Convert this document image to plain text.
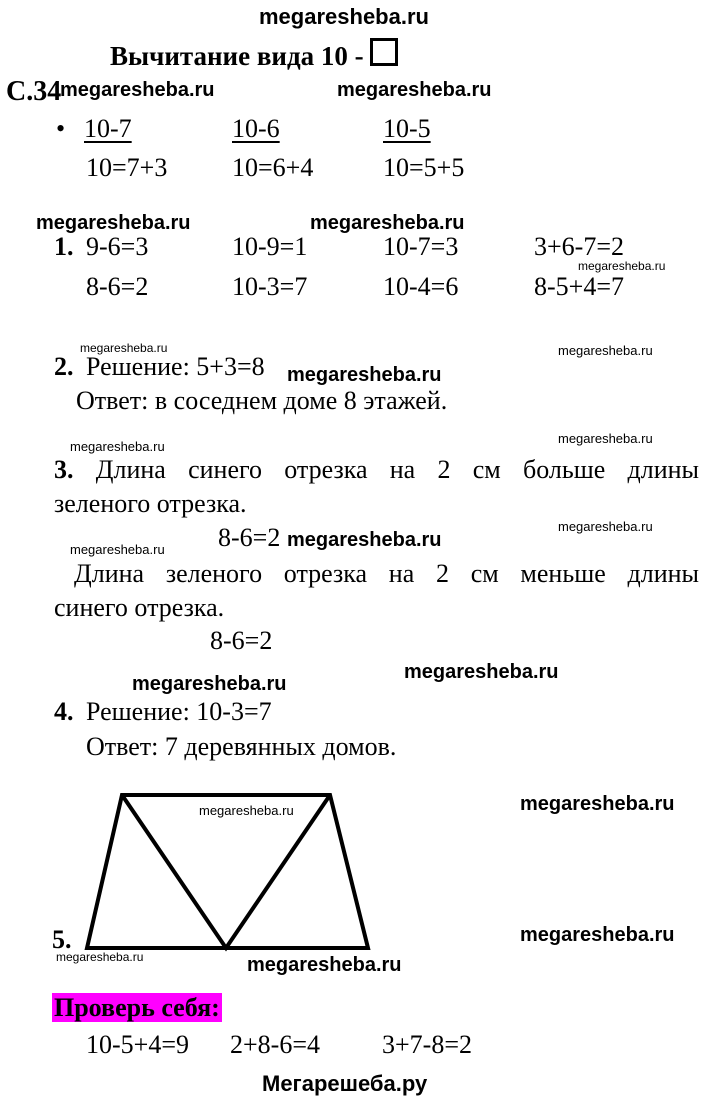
megaresheba.ru
Вычитание вида 10 -
С.34
megaresheba.ru	megaresheba.ru
• 10-7	10-6	10-5
10=7+3 10=6+4	10=5+5
megaresheba.ru	megaresheba.ru
1. 9-6=3	10-9=1	10-7=3	3+6-7=2
megaresheba.ru
8-6=2	10-3=7	10-4=6	8-5+4=7
megaresheba.ru	megaresheba.ru
2. Решение: 5+3=8 megaresheba.ru
Ответ: в соседнем доме 8 этажей.
megaresheba.ru
megaresheba.ru
3. Длина синего отрезка на 2 см больше длины
зеленого отрезка.
8-6=2 megaresheba.ru
megaresheba.ru
megaresheba.ru
Длина зеленого отрезка на 2 см меньше длины
синего отрезка.
8-6=2
megaresheba.ru
megaresheba.ru
4. Решение: 10-3=7
Ответ: 7 деревянных домов.
megaresheba.ru	megaresheba.ru
5.	megaresheba.ru
megaresheba.ru	megaresheba.ru
Проверь себя:
10-5+4=9 2+8-6=4 3+7-8=2
Мегарешеба.ру
